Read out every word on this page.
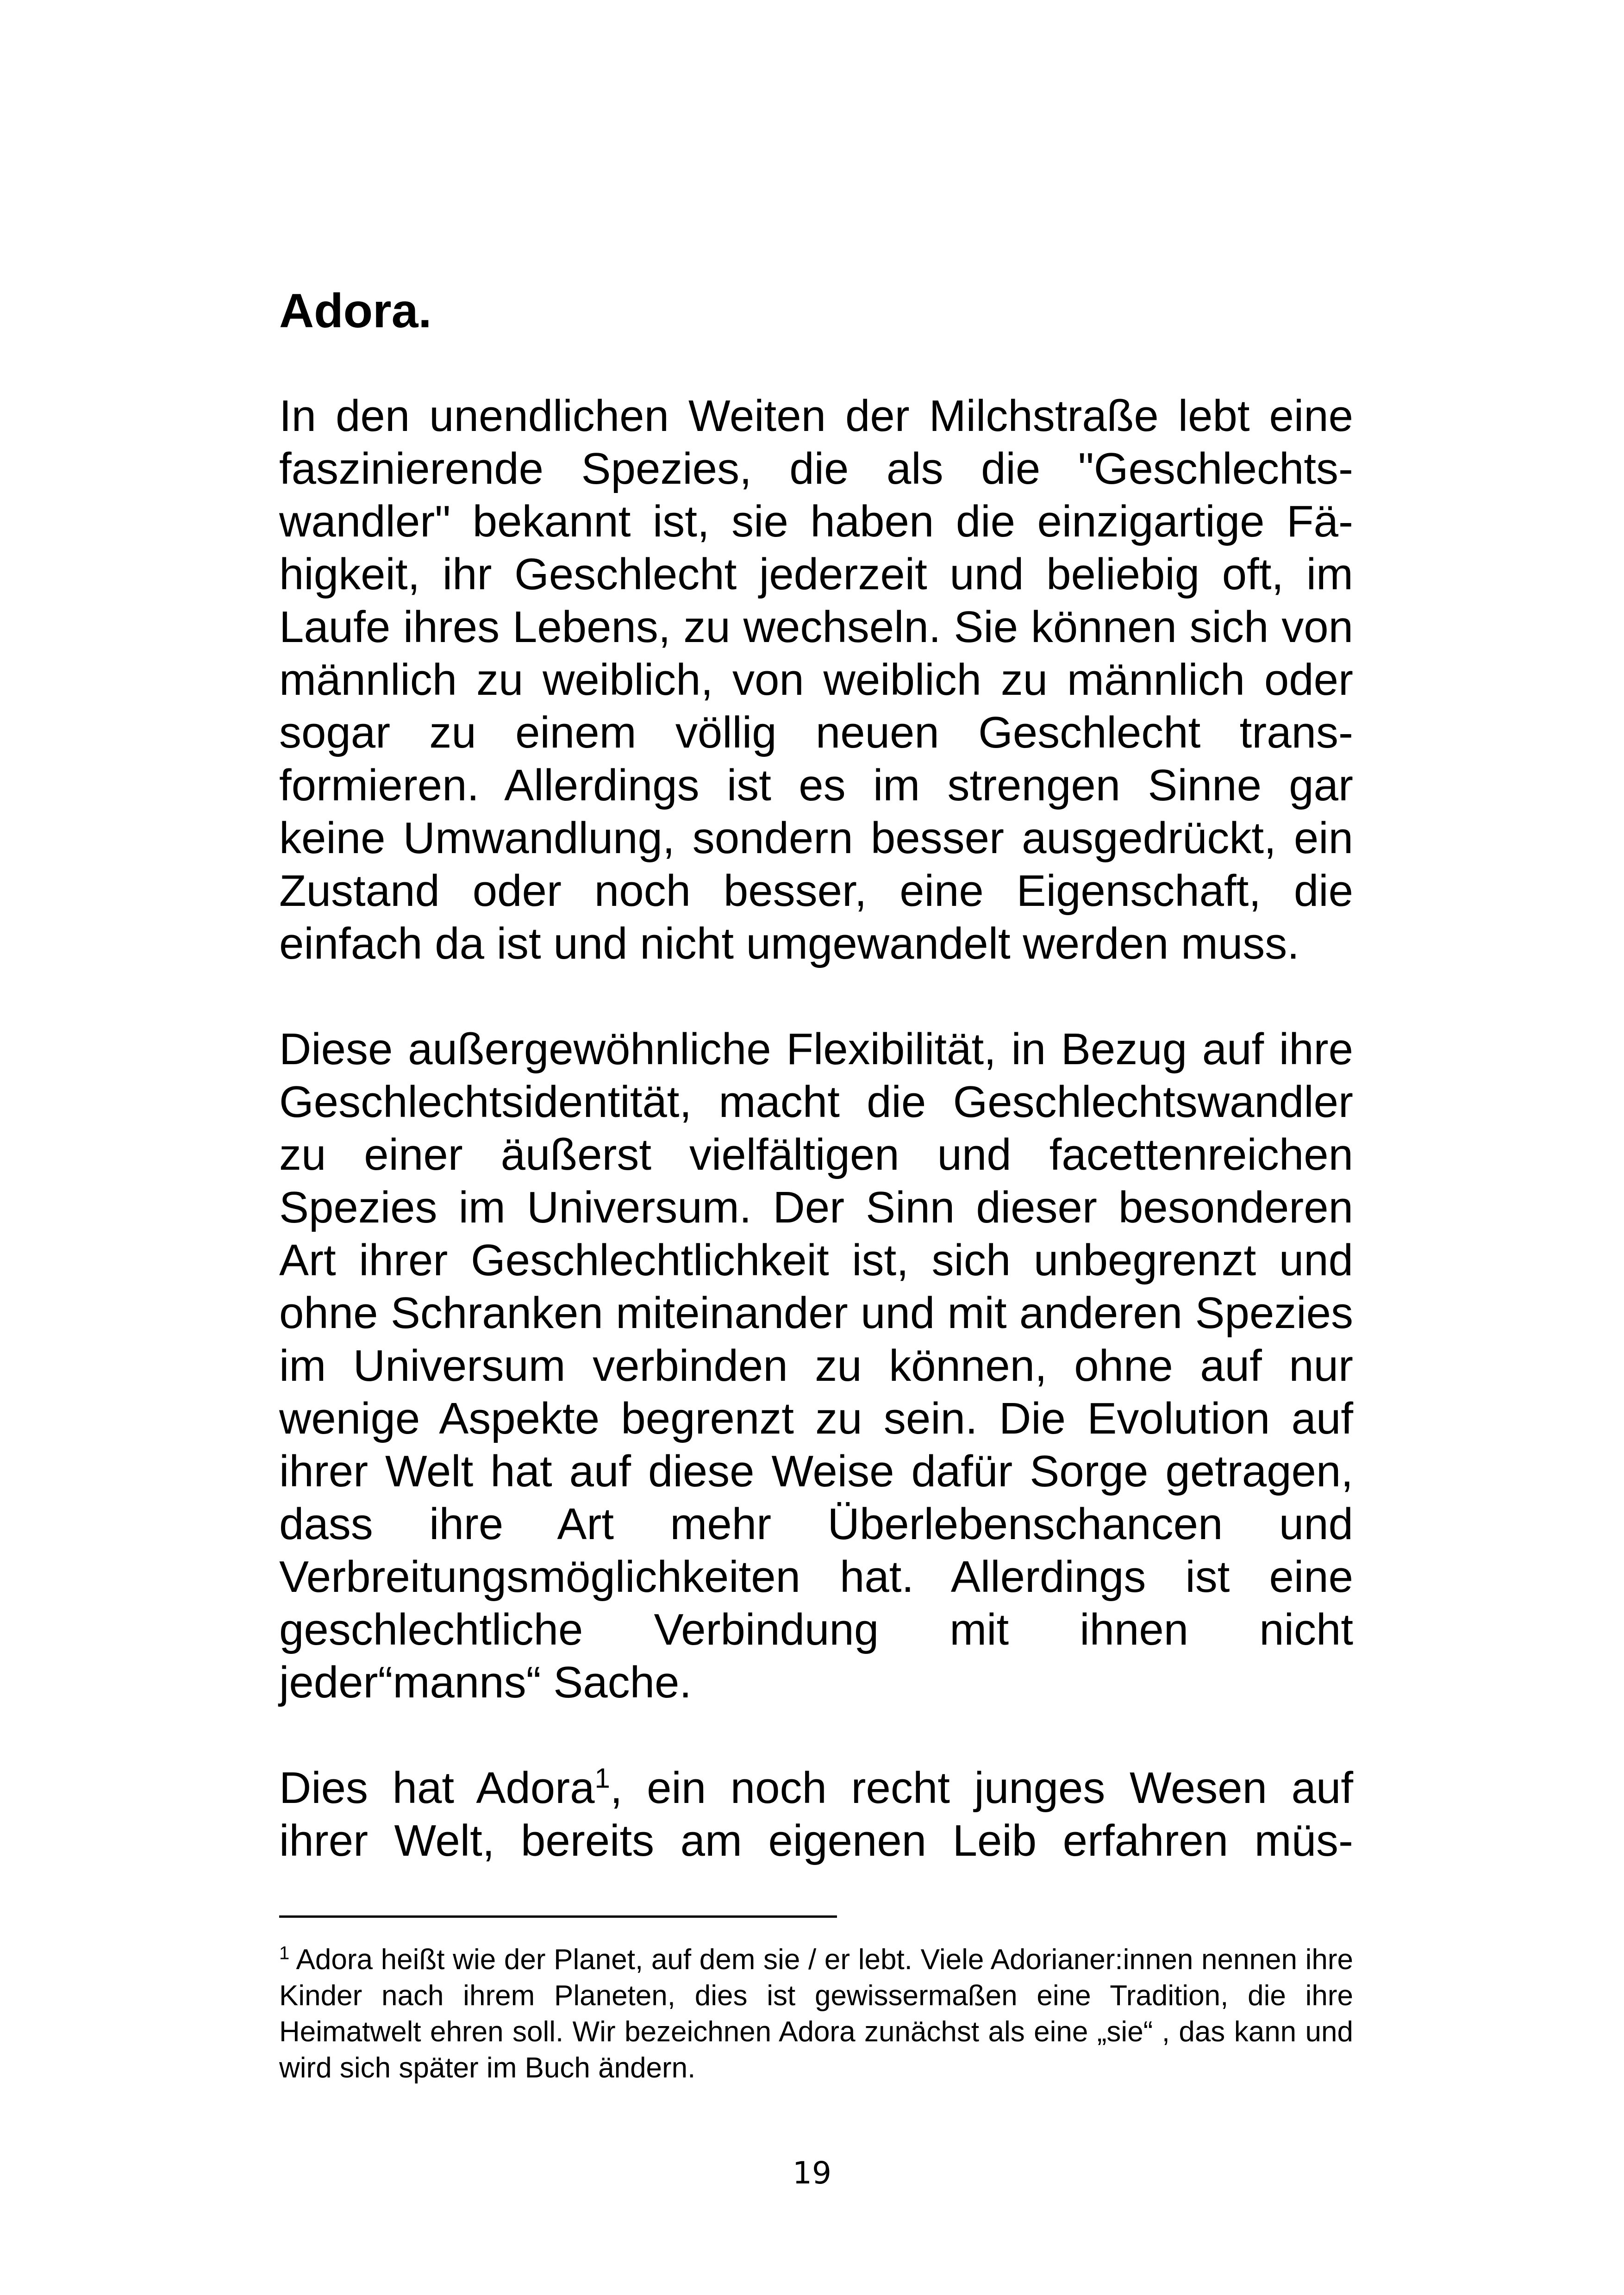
Adora.

In den unendlichen Weiten der Milchstraße lebt eine faszinierende Spezies, die als die "Geschlechtswandler" bekannt ist, sie haben die einzigartige Fähigkeit, ihr Geschlecht jederzeit und beliebig oft, im Laufe ihres Lebens, zu wechseln. Sie können sich von männlich zu weiblich, von weiblich zu männlich oder sogar zu einem völlig neuen Geschlecht transformieren. Allerdings ist es im strengen Sinne gar keine Umwandlung, sondern besser ausgedrückt, ein Zustand oder noch besser, eine Eigenschaft, die einfach da ist und nicht umgewandelt werden muss.

Diese außergewöhnliche Flexibilität, in Bezug auf ihre Geschlechtsidentität, macht die Geschlechtswandler zu einer äußerst vielfältigen und facettenreichen Spezies im Universum. Der Sinn dieser besonderen Art ihrer Geschlechtlichkeit ist, sich unbegrenzt und ohne Schranken miteinander und mit anderen Spezies im Universum verbinden zu können, ohne auf nur wenige Aspekte begrenzt zu sein. Die Evolution auf ihrer Welt hat auf diese Weise dafür Sorge getragen, dass ihre Art mehr Überlebenschancen und Verbreitungsmöglichkeiten hat. Allerdings ist eine geschlechtliche Verbindung mit ihnen nicht jeder“manns“ Sache.

Dies hat Adora$^1$, ein noch recht junges Wesen auf ihrer Welt, bereits am eigenen Leib erfahren müs-

$^1$ Adora heißt wie der Planet, auf dem sie / er lebt. Viele Adorianer:innen nennen ihre Kinder nach ihrem Planeten, dies ist gewissermaßen eine Tradition, die ihre Heimatwelt ehren soll. Wir bezeichnen Adora zunächst als eine „sie“ , das kann und wird sich später im Buch ändern.
19
